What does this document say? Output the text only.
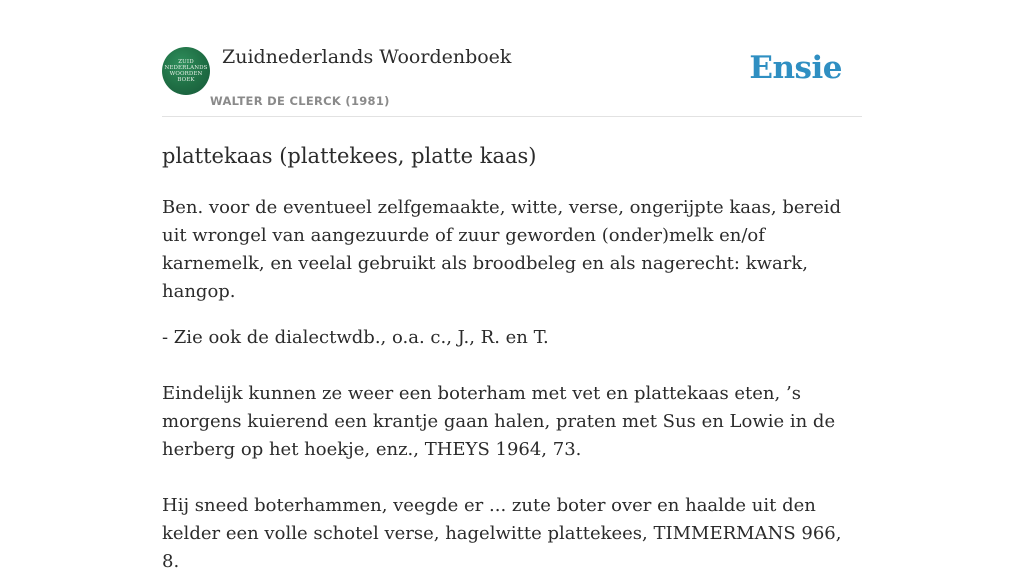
ZUID
NEDERLANDS
WOORDEN
BOEK
Zuidnederlands Woordenboek
WALTER DE CLERCK (1981)
Ensie
plattekaas (plattekees, platte kaas)

Ben. voor de eventueel zelfgemaakte, witte, verse, ongerijpte kaas, bereid uit wrongel van aangezuurde of zuur geworden (onder)melk en/of karnemelk, en veelal gebruikt als broodbeleg en als nagerecht: kwark, hangop.

- Zie ook de dialectwdb., o.a. c., J., R. en T.

Eindelijk kunnen ze weer een boterham met vet en plattekaas eten, ’s morgens kuierend een krantje gaan halen, praten met Sus en Lowie in de herberg op het hoekje, enz., THEYS 1964, 73.

Hij sneed boterhammen, veegde er ... zute boter over en haalde uit den kelder een volle schotel verse, hagelwitte plattekees, TIMMERMANS 966, 8.
